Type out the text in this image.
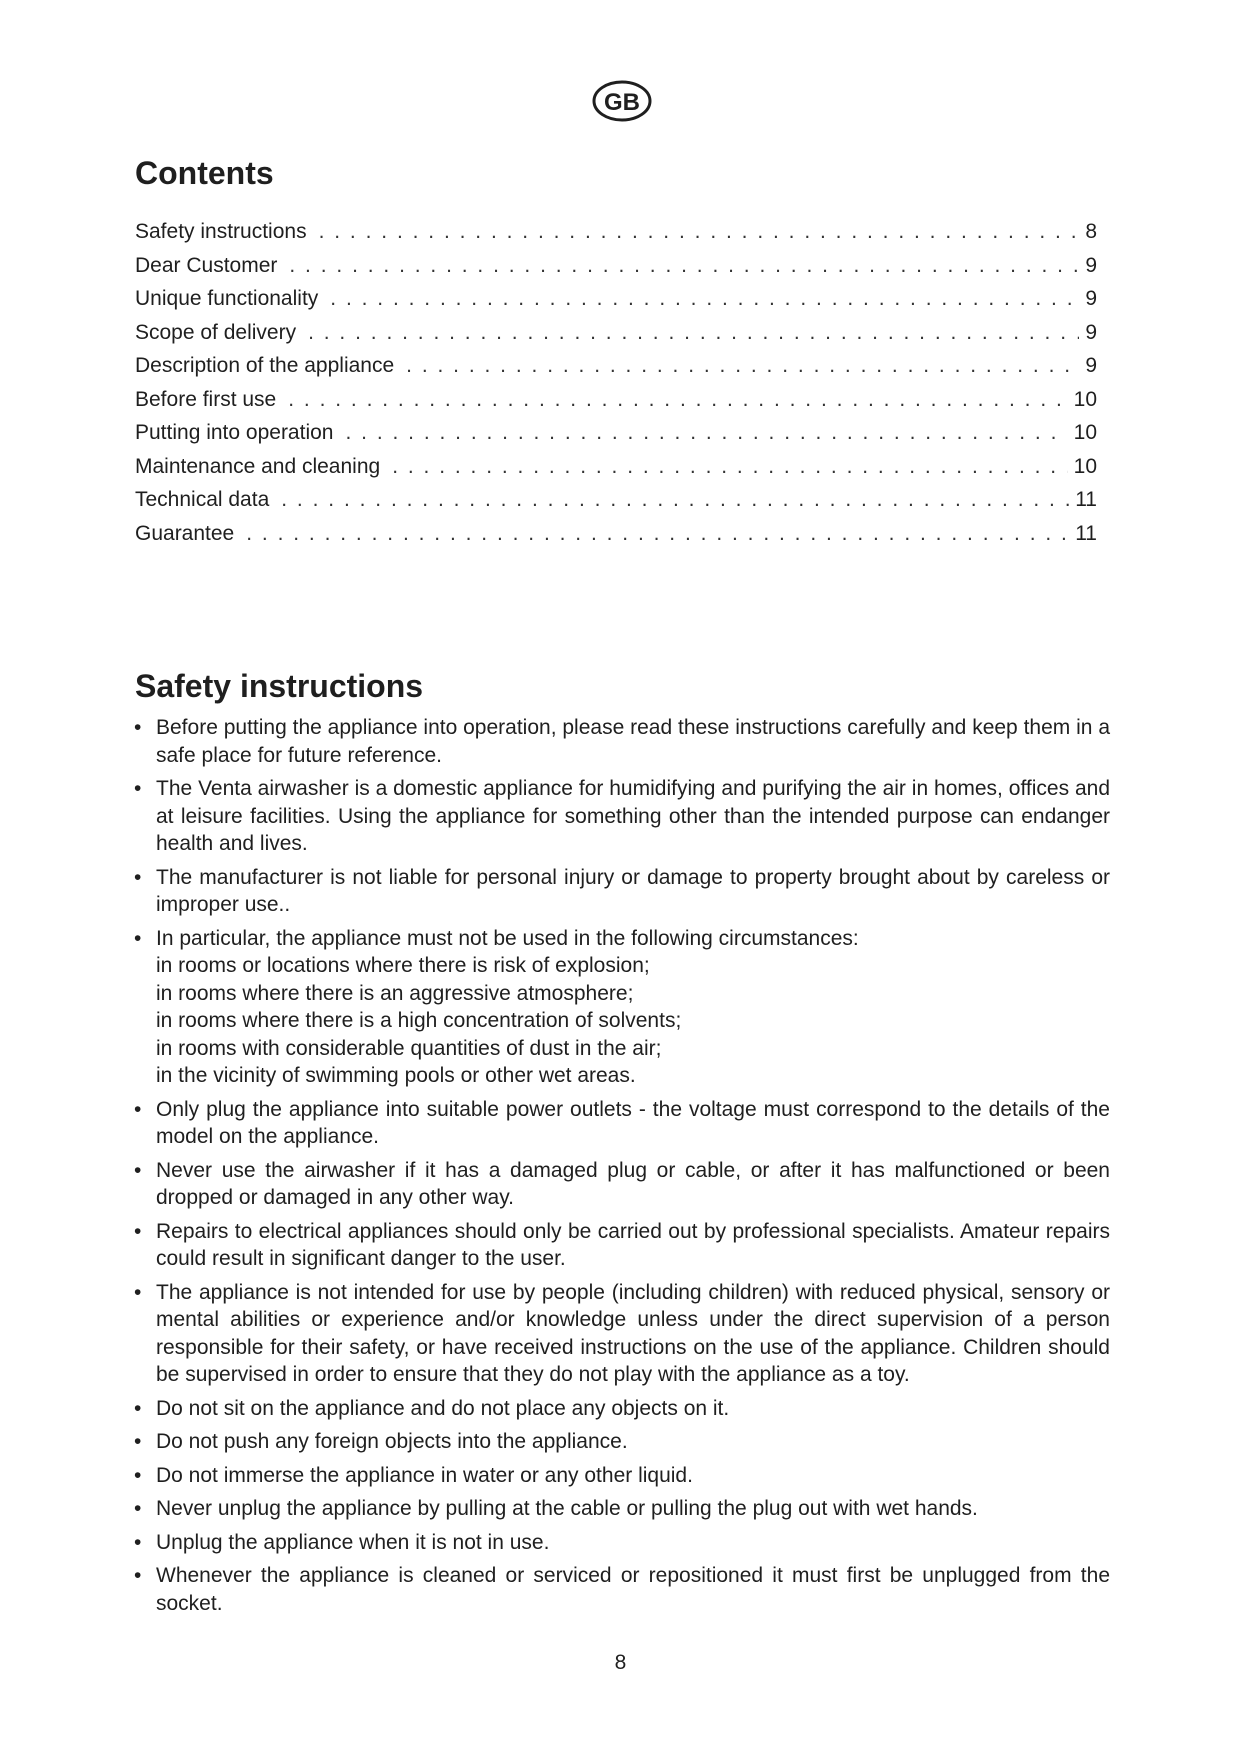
GB
Contents
Safety instructions . . .	8
Dear Customer . . .	9
Unique functionality . . .	9
Scope of delivery . . .	9
Description of the appliance . . .	9
Before first use . . .	10
Putting into operation . . .	10
Maintenance and cleaning . . .	10
Technical data . . .	11
Guarantee . . .	11
Safety instructions
• Before putting the appliance into operation, please read these instructions carefully and keep them in a safe place for future reference.
• The Venta airwasher is a domestic appliance for humidifying and purifying the air in homes, offices and at leisure facilities. Using the appliance for something other than the intended purpose can endanger health and lives.
• The manufacturer is not liable for personal injury or damage to property brought about by careless or improper use..
• In particular, the appliance must not be used in the following circumstances:
in rooms or locations where there is risk of explosion;
in rooms where there is an aggressive atmosphere;
in rooms where there is a high concentration of solvents;
in rooms with considerable quantities of dust in the air;
in the vicinity of swimming pools or other wet areas.
• Only plug the appliance into suitable power outlets - the voltage must correspond to the details of the model on the appliance.
• Never use the airwasher if it has a damaged plug or cable, or after it has malfunctioned or been dropped or damaged in any other way.
• Repairs to electrical appliances should only be carried out by professional specialists. Amateur repairs could result in significant danger to the user.
• The appliance is not intended for use by people (including children) with reduced physical, sensory or mental abilities or experience and/or knowledge unless under the direct supervision of a person responsible for their safety, or have received instructions on the use of the appliance. Children should be supervised in order to ensure that they do not play with the appliance as a toy.
• Do not sit on the appliance and do not place any objects on it.
• Do not push any foreign objects into the appliance.
• Do not immerse the appliance in water or any other liquid.
• Never unplug the appliance by pulling at the cable or pulling the plug out with wet hands.
• Unplug the appliance when it is not in use.
• Whenever the appliance is cleaned or serviced or repositioned it must first be unplugged from the socket.
8
